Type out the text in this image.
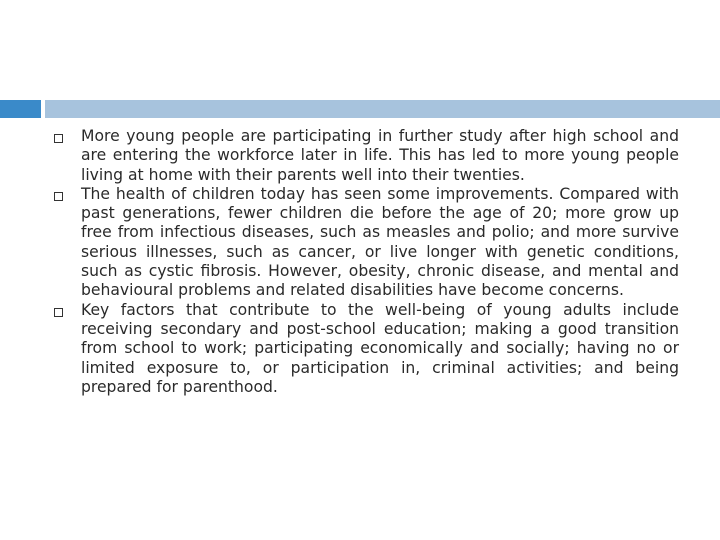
More young people are participating in further study after high school and are entering the workforce later in life. This has led to more young people living at home with their parents well into their twenties.
The health of children today has seen some improvements. Compared with past generations, fewer children die before the age of 20; more grow up free from infectious diseases, such as measles and polio; and more survive serious illnesses, such as cancer, or live longer with genetic conditions, such as cystic fibrosis. However, obesity, chronic disease, and mental and behavioural problems and related disabilities have become concerns.
Key factors that contribute to the well-being of young adults include receiving secondary and post-school education; making a good transition from school to work; participating economically and socially; having no or limited exposure to, or participation in, criminal activities; and being prepared for parenthood.
